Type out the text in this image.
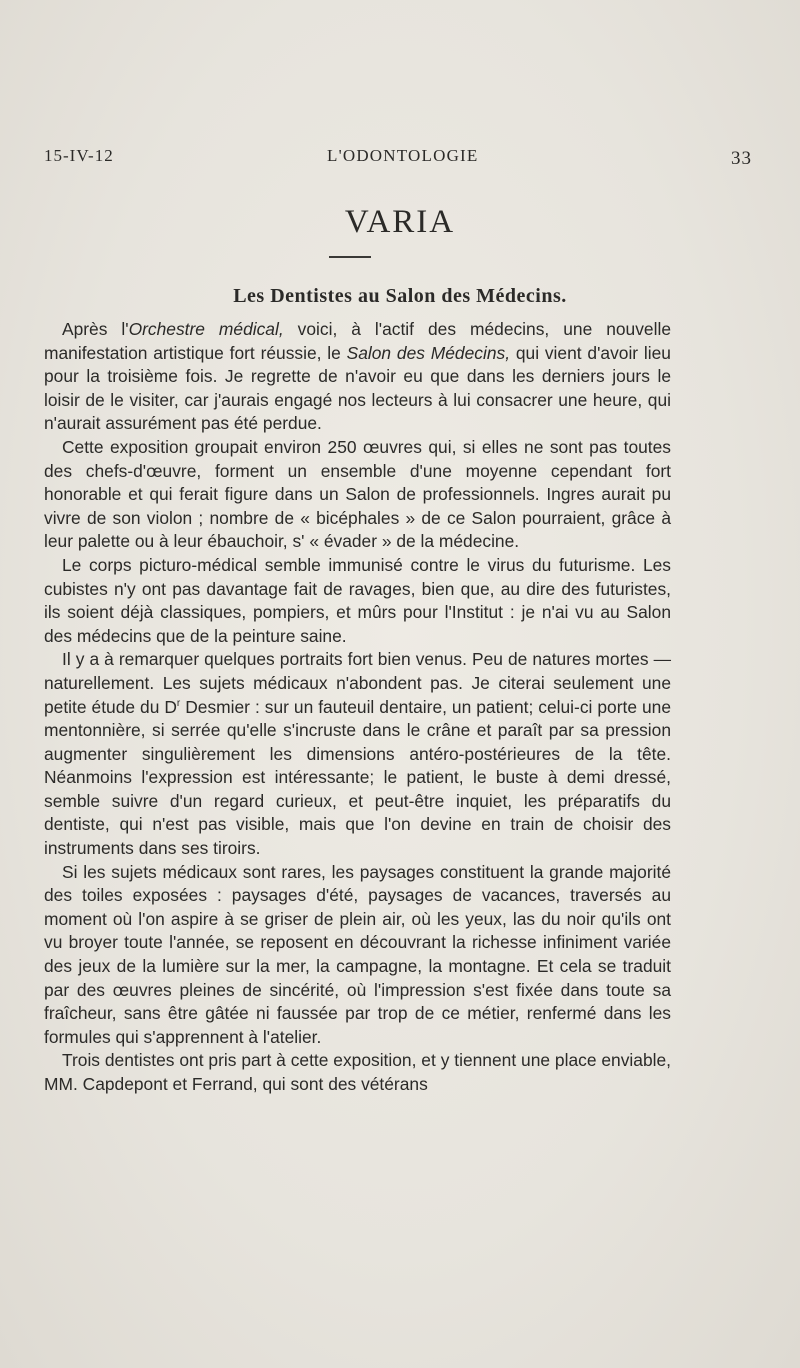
15-IV-12	L'ODONTOLOGIE	33
VARIA
Les Dentistes au Salon des Médecins.

Après l'Orchestre médical, voici, à l'actif des médecins, une nouvelle manifestation artistique fort réussie, le Salon des Médecins, qui vient d'avoir lieu pour la troisième fois. Je regrette de n'avoir eu que dans les derniers jours le loisir de le visiter, car j'aurais engagé nos lecteurs à lui consacrer une heure, qui n'aurait assurément pas été perdue.

Cette exposition groupait environ 250 œuvres qui, si elles ne sont pas toutes des chefs-d'œuvre, forment un ensemble d'une moyenne cependant fort honorable et qui ferait figure dans un Salon de professionnels. Ingres aurait pu vivre de son violon ; nombre de « bicéphales » de ce Salon pourraient, grâce à leur palette ou à leur ébauchoir, s' « évader » de la médecine.

Le corps picturo-médical semble immunisé contre le virus du futurisme. Les cubistes n'y ont pas davantage fait de ravages, bien que, au dire des futuristes, ils soient déjà classiques, pompiers, et mûrs pour l'Institut : je n'ai vu au Salon des médecins que de la peinture saine.

Il y a à remarquer quelques portraits fort bien venus. Peu de natures mortes — naturellement. Les sujets médicaux n'abondent pas. Je citerai seulement une petite étude du $D^r$ Desmier : sur un fauteuil dentaire, un patient; celui-ci porte une mentonnière, si serrée qu'elle s'incruste dans le crâne et paraît par sa pression augmenter singulièrement les dimensions antéro-postérieures de la tête. Néanmoins l'expression est intéressante; le patient, le buste à demi dressé, semble suivre d'un regard curieux, et peut-être inquiet, les préparatifs du dentiste, qui n'est pas visible, mais que l'on devine en train de choisir des instruments dans ses tiroirs.

Si les sujets médicaux sont rares, les paysages constituent la grande majorité des toiles exposées : paysages d'été, paysages de vacances, traversés au moment où l'on aspire à se griser de plein air, où les yeux, las du noir qu'ils ont vu broyer toute l'année, se reposent en découvrant la richesse infiniment variée des jeux de la lumière sur la mer, la campagne, la montagne. Et cela se traduit par des œuvres pleines de sincérité, où l'impression s'est fixée dans toute sa fraîcheur, sans être gâtée ni faussée par trop de ce métier, renfermé dans les formules qui s'apprennent à l'atelier.

Trois dentistes ont pris part à cette exposition, et y tiennent une place enviable, MM. Capdepont et Ferrand, qui sont des vétérans
